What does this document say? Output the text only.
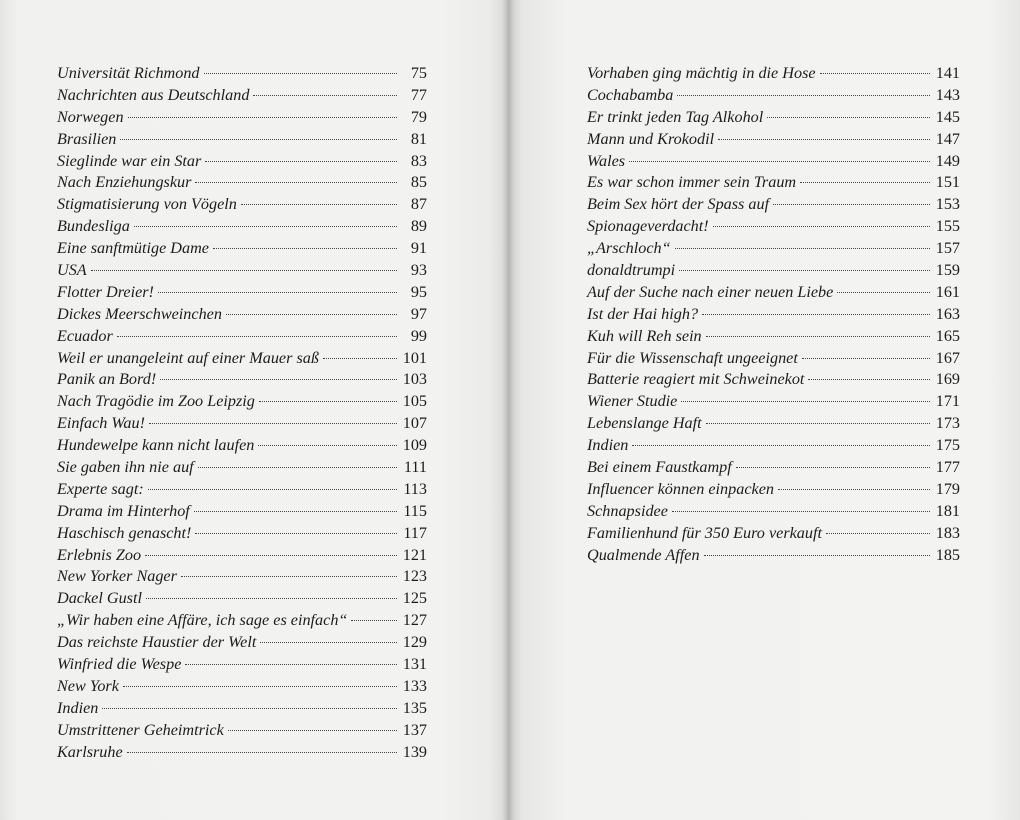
Universität Richmond	75
Nachrichten aus Deutschland	77
Norwegen	79
Brasilien	81
Sieglinde war ein Star	83
Nach Enziehungskur	85
Stigmatisierung von Vögeln	87
Bundesliga	89
Eine sanftmütige Dame	91
USA	93
Flotter Dreier!	95
Dickes Meerschweinchen	97
Ecuador	99
Weil er unangeleint auf einer Mauer saß	101
Panik an Bord!	103
Nach Tragödie im Zoo Leipzig	105
Einfach Wau!	107
Hundewelpe kann nicht laufen	109
Sie gaben ihn nie auf	111
Experte sagt:	113
Drama im Hinterhof	115
Haschisch genascht!	117
Erlebnis Zoo	121
New Yorker Nager	123
Dackel Gustl	125
„Wir haben eine Affäre, ich sage es einfach“	127
Das reichste Haustier der Welt	129
Winfried die Wespe	131
New York	133
Indien	135
Umstrittener Geheimtrick	137
Karlsruhe	139
Vorhaben ging mächtig in die Hose	141
Cochabamba	143
Er trinkt jeden Tag Alkohol	145
Mann und Krokodil	147
Wales	149
Es war schon immer sein Traum	151
Beim Sex hört der Spass auf	153
Spionageverdacht!	155
„Arschloch“	157
donaldtrumpi	159
Auf der Suche nach einer neuen Liebe	161
Ist der Hai high?	163
Kuh will Reh sein	165
Für die Wissenschaft ungeeignet	167
Batterie reagiert mit Schweinekot	169
Wiener Studie	171
Lebenslange Haft	173
Indien	175
Bei einem Faustkampf	177
Influencer können einpacken	179
Schnapsidee	181
Familienhund für 350 Euro verkauft	183
Qualmende Affen	185
